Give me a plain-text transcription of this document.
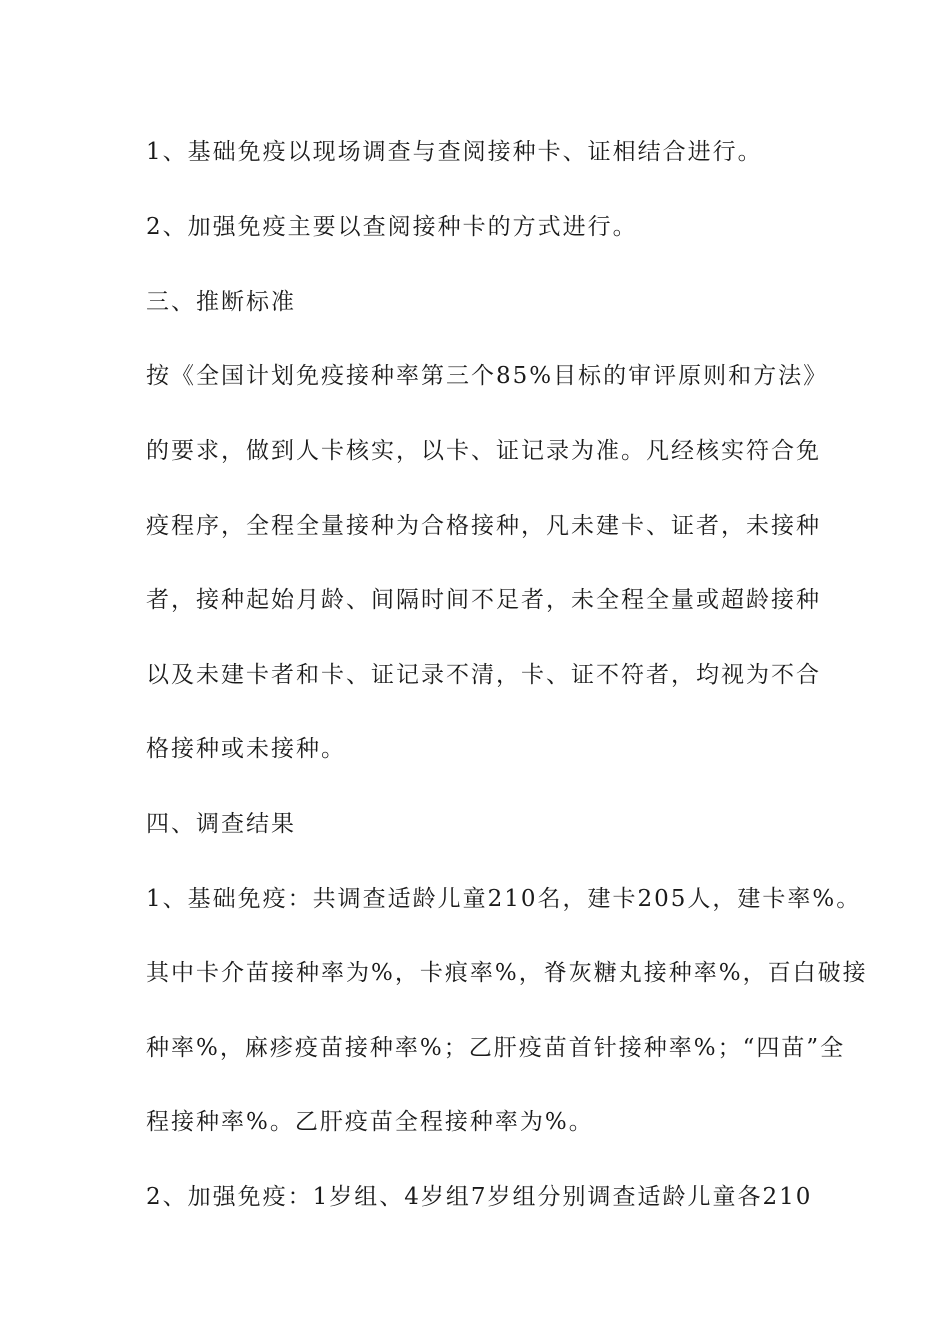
1、基础免疫以现场调查与查阅接种卡、证相结合进行。

2、加强免疫主要以查阅接种卡的方式进行。

三、推断标准

按《全国计划免疫接种率第三个85%目标的审评原则和方法》

的要求，做到人卡核实，以卡、证记录为准。凡经核实符合免

疫程序，全程全量接种为合格接种，凡未建卡、证者，未接种

者，接种起始月龄、间隔时间不足者，未全程全量或超龄接种

以及未建卡者和卡、证记录不清，卡、证不符者，均视为不合

格接种或未接种。

四、调查结果

1、基础免疫：共调查适龄儿童210名，建卡205人，建卡率%。

其中卡介苗接种率为%，卡痕率%，脊灰糖丸接种率%，百白破接

种率%，麻疹疫苗接种率%；乙肝疫苗首针接种率%；“四苗”全

程接种率%。乙肝疫苗全程接种率为%。

2、加强免疫：1岁组、4岁组7岁组分别调查适龄儿童各210
